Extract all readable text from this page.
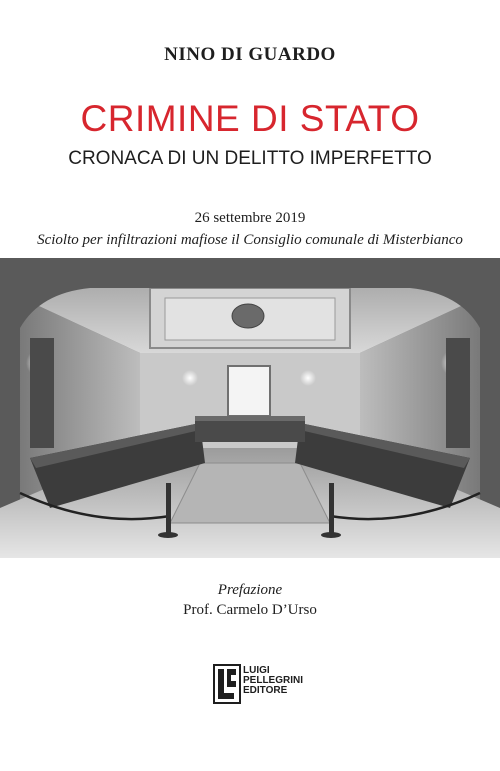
NINO DI GUARDO
CRIMINE DI STATO
CRONACA DI UN DELITTO IMPERFETTO
26 settembre 2019
Sciolto per infiltrazioni mafiose il Consiglio comunale di Misterbianco
Prefazione
Prof. Carmelo D’Urso
LUIGI
PELLEGRINI
EDITORE
